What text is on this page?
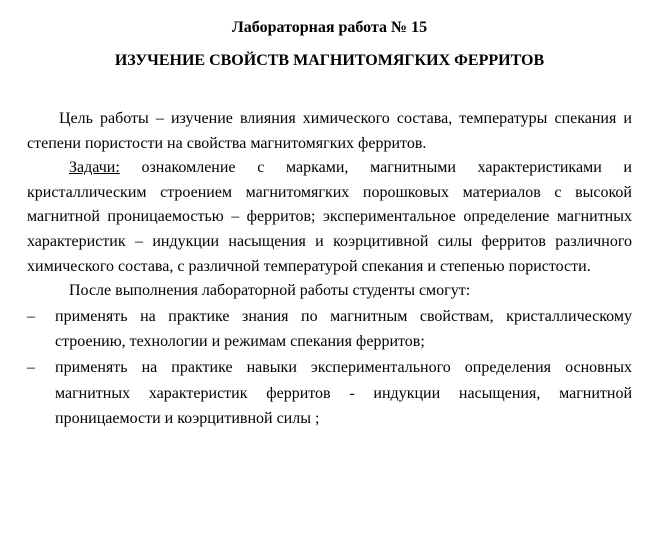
Лабораторная работа № 15

ИЗУЧЕНИЕ СВОЙСТВ МАГНИТОМЯГКИХ ФЕРРИТОВ

Цель работы – изучение влияния химического состава, температуры спекания и степени пористости на свойства магнитомягких ферритов.

Задачи: ознакомление с марками, магнитными характеристиками и кристаллическим строением магнитомягких порошковых материалов с высокой магнитной проницаемостью – ферритов; экспериментальное определение магнитных характеристик – индукции насыщения и коэрцитивной силы ферритов различного химического состава, с различной температурой спекания и степенью пористости.

После выполнения лабораторной работы студенты смогут:

– применять на практике знания по магнитным свойствам, кристаллическому строению, технологии и режимам спекания ферритов;
– применять на практике навыки экспериментального определения основных магнитных характеристик ферритов - индукции насыщения, магнитной проницаемости и коэрцитивной силы ;
